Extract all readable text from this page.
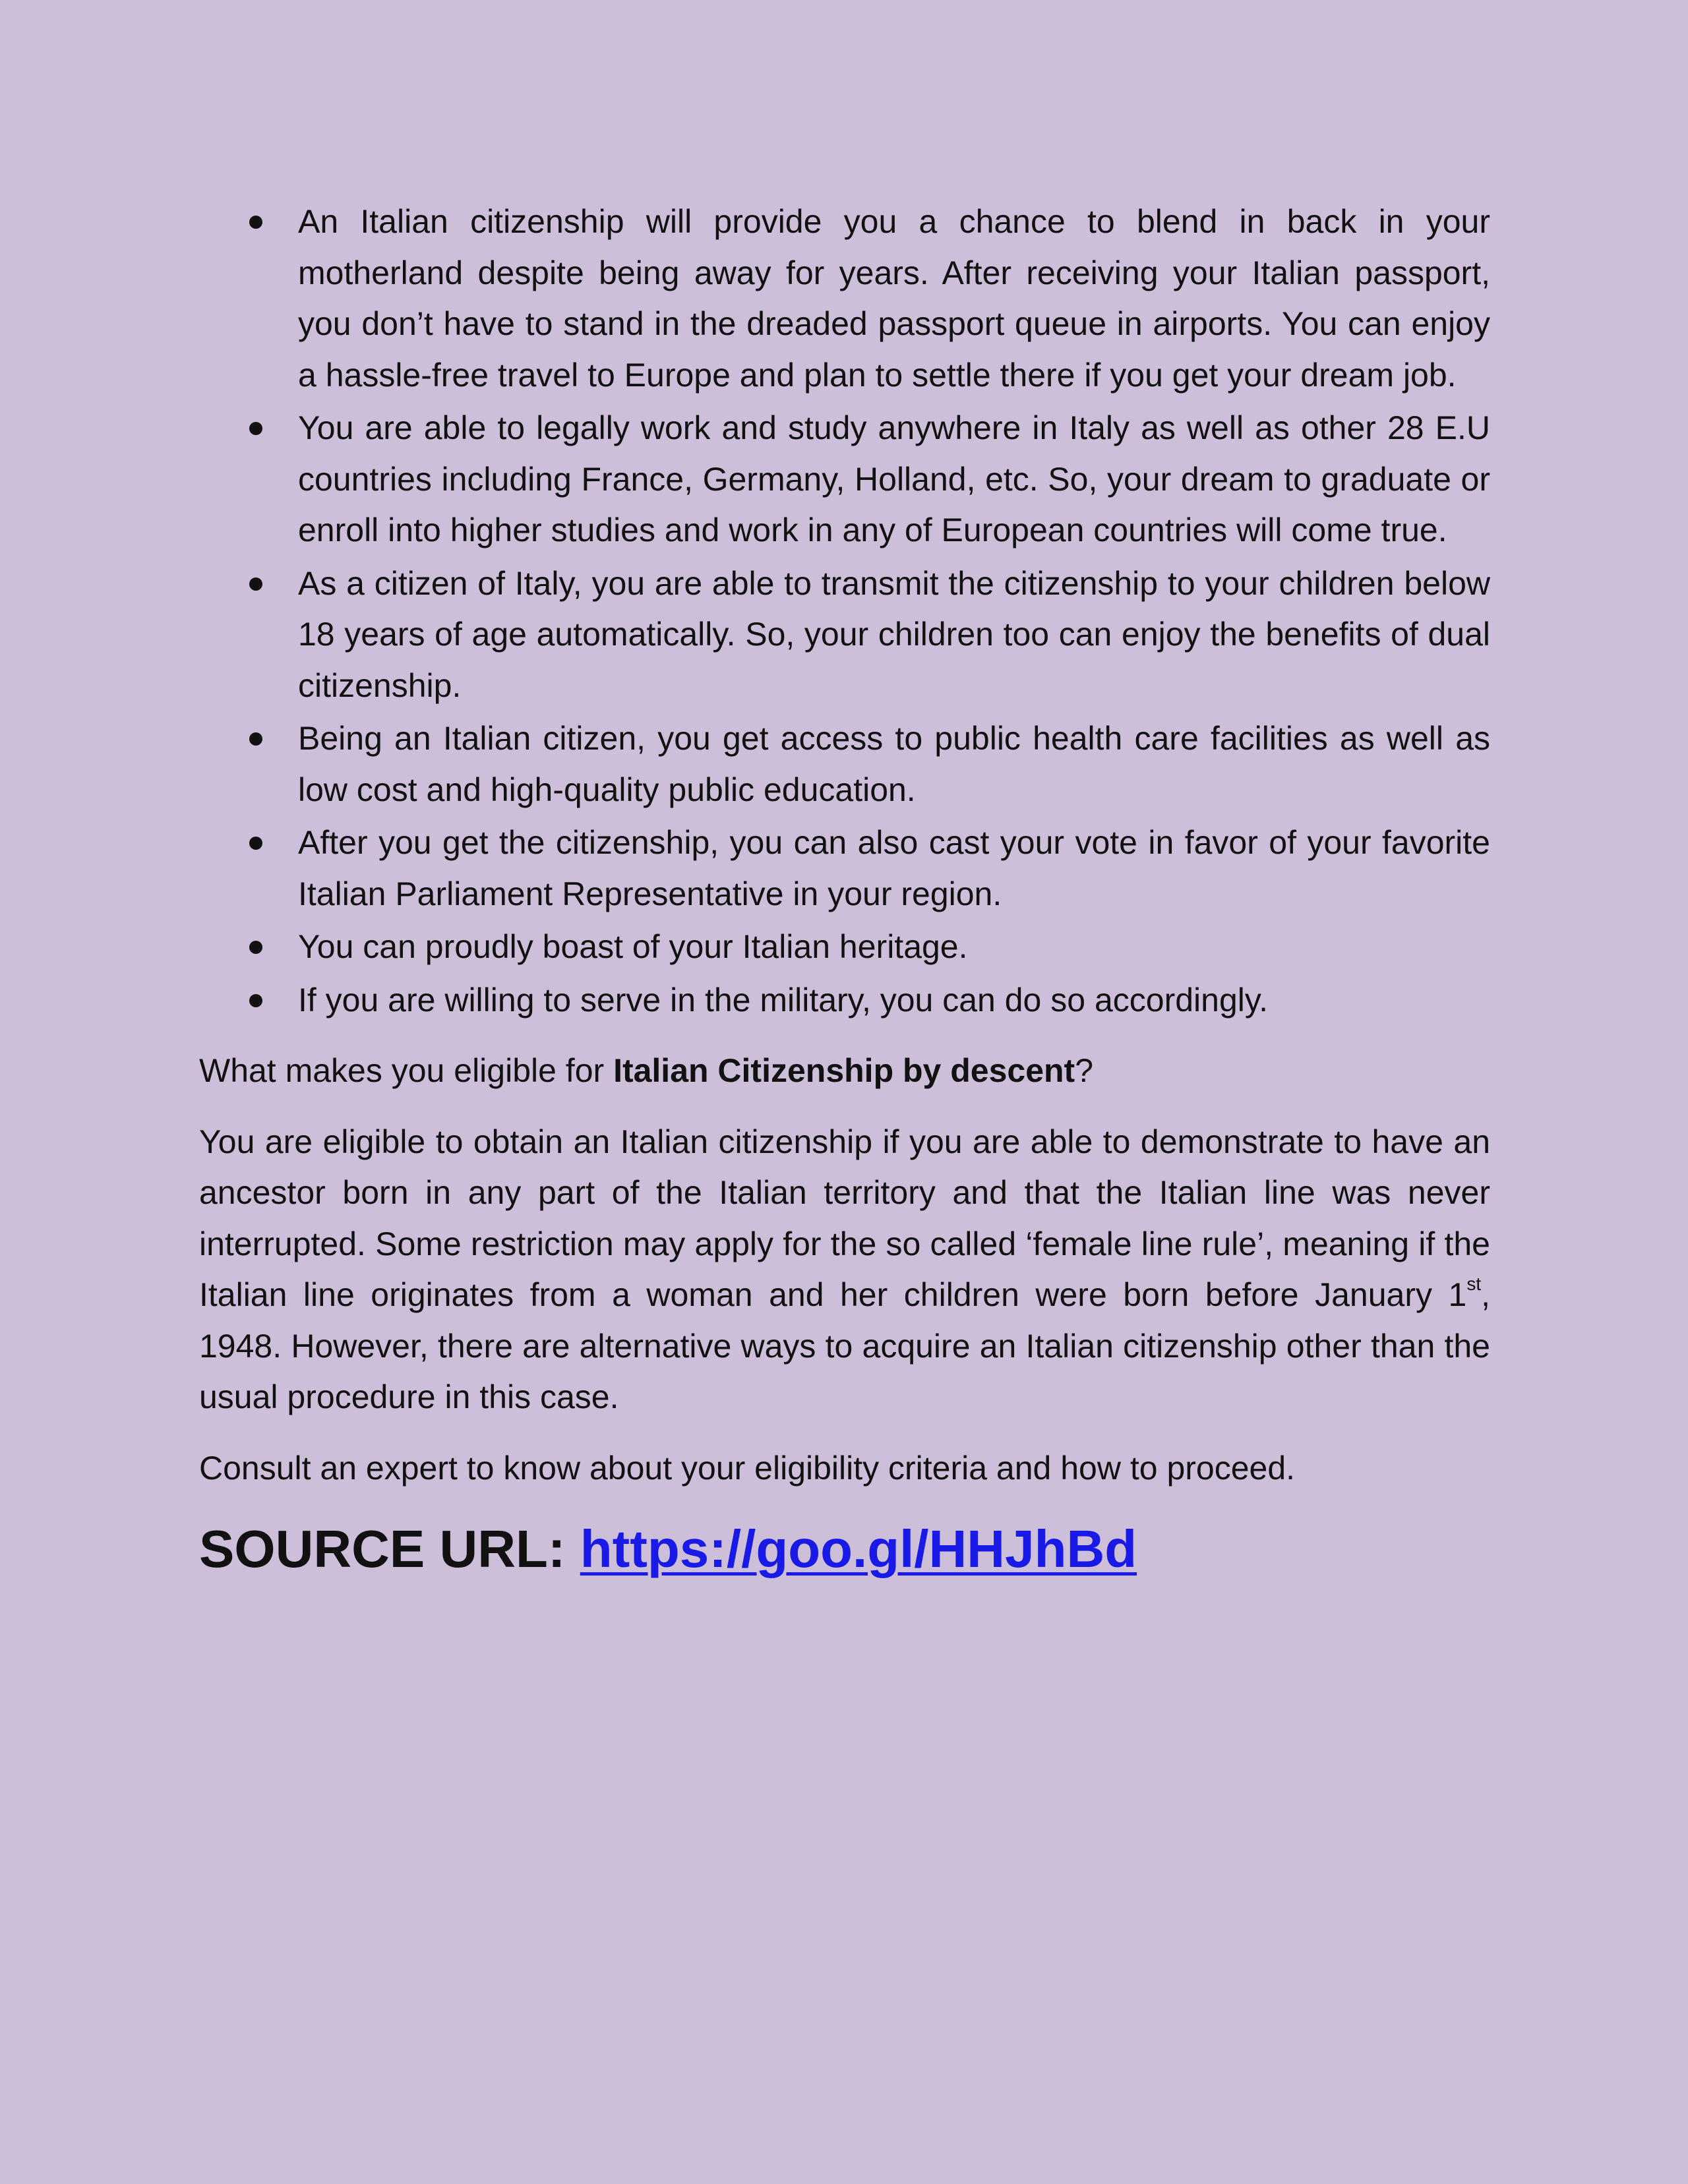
An Italian citizenship will provide you a chance to blend in back in your motherland despite being away for years. After receiving your Italian passport, you don’t have to stand in the dreaded passport queue in airports. You can enjoy a hassle-free travel to Europe and plan to settle there if you get your dream job.
You are able to legally work and study anywhere in Italy as well as other 28 E.U countries including France, Germany, Holland, etc. So, your dream to graduate or enroll into higher studies and work in any of European countries will come true.
As a citizen of Italy, you are able to transmit the citizenship to your children below 18 years of age automatically. So, your children too can enjoy the benefits of dual citizenship.
Being an Italian citizen, you get access to public health care facilities as well as low cost and high-quality public education.
After you get the citizenship, you can also cast your vote in favor of your favorite Italian Parliament Representative in your region.
You can proudly boast of your Italian heritage.
If you are willing to serve in the military, you can do so accordingly.

What makes you eligible for Italian Citizenship by descent?

You are eligible to obtain an Italian citizenship if you are able to demonstrate to have an ancestor born in any part of the Italian territory and that the Italian line was never interrupted. Some restriction may apply for the so called ‘female line rule’, meaning if the Italian line originates from a woman and her children were born before January 1st, 1948. However, there are alternative ways to acquire an Italian citizenship other than the usual procedure in this case.

Consult an expert to know about your eligibility criteria and how to proceed.

SOURCE URL: https://goo.gl/HHJhBd
